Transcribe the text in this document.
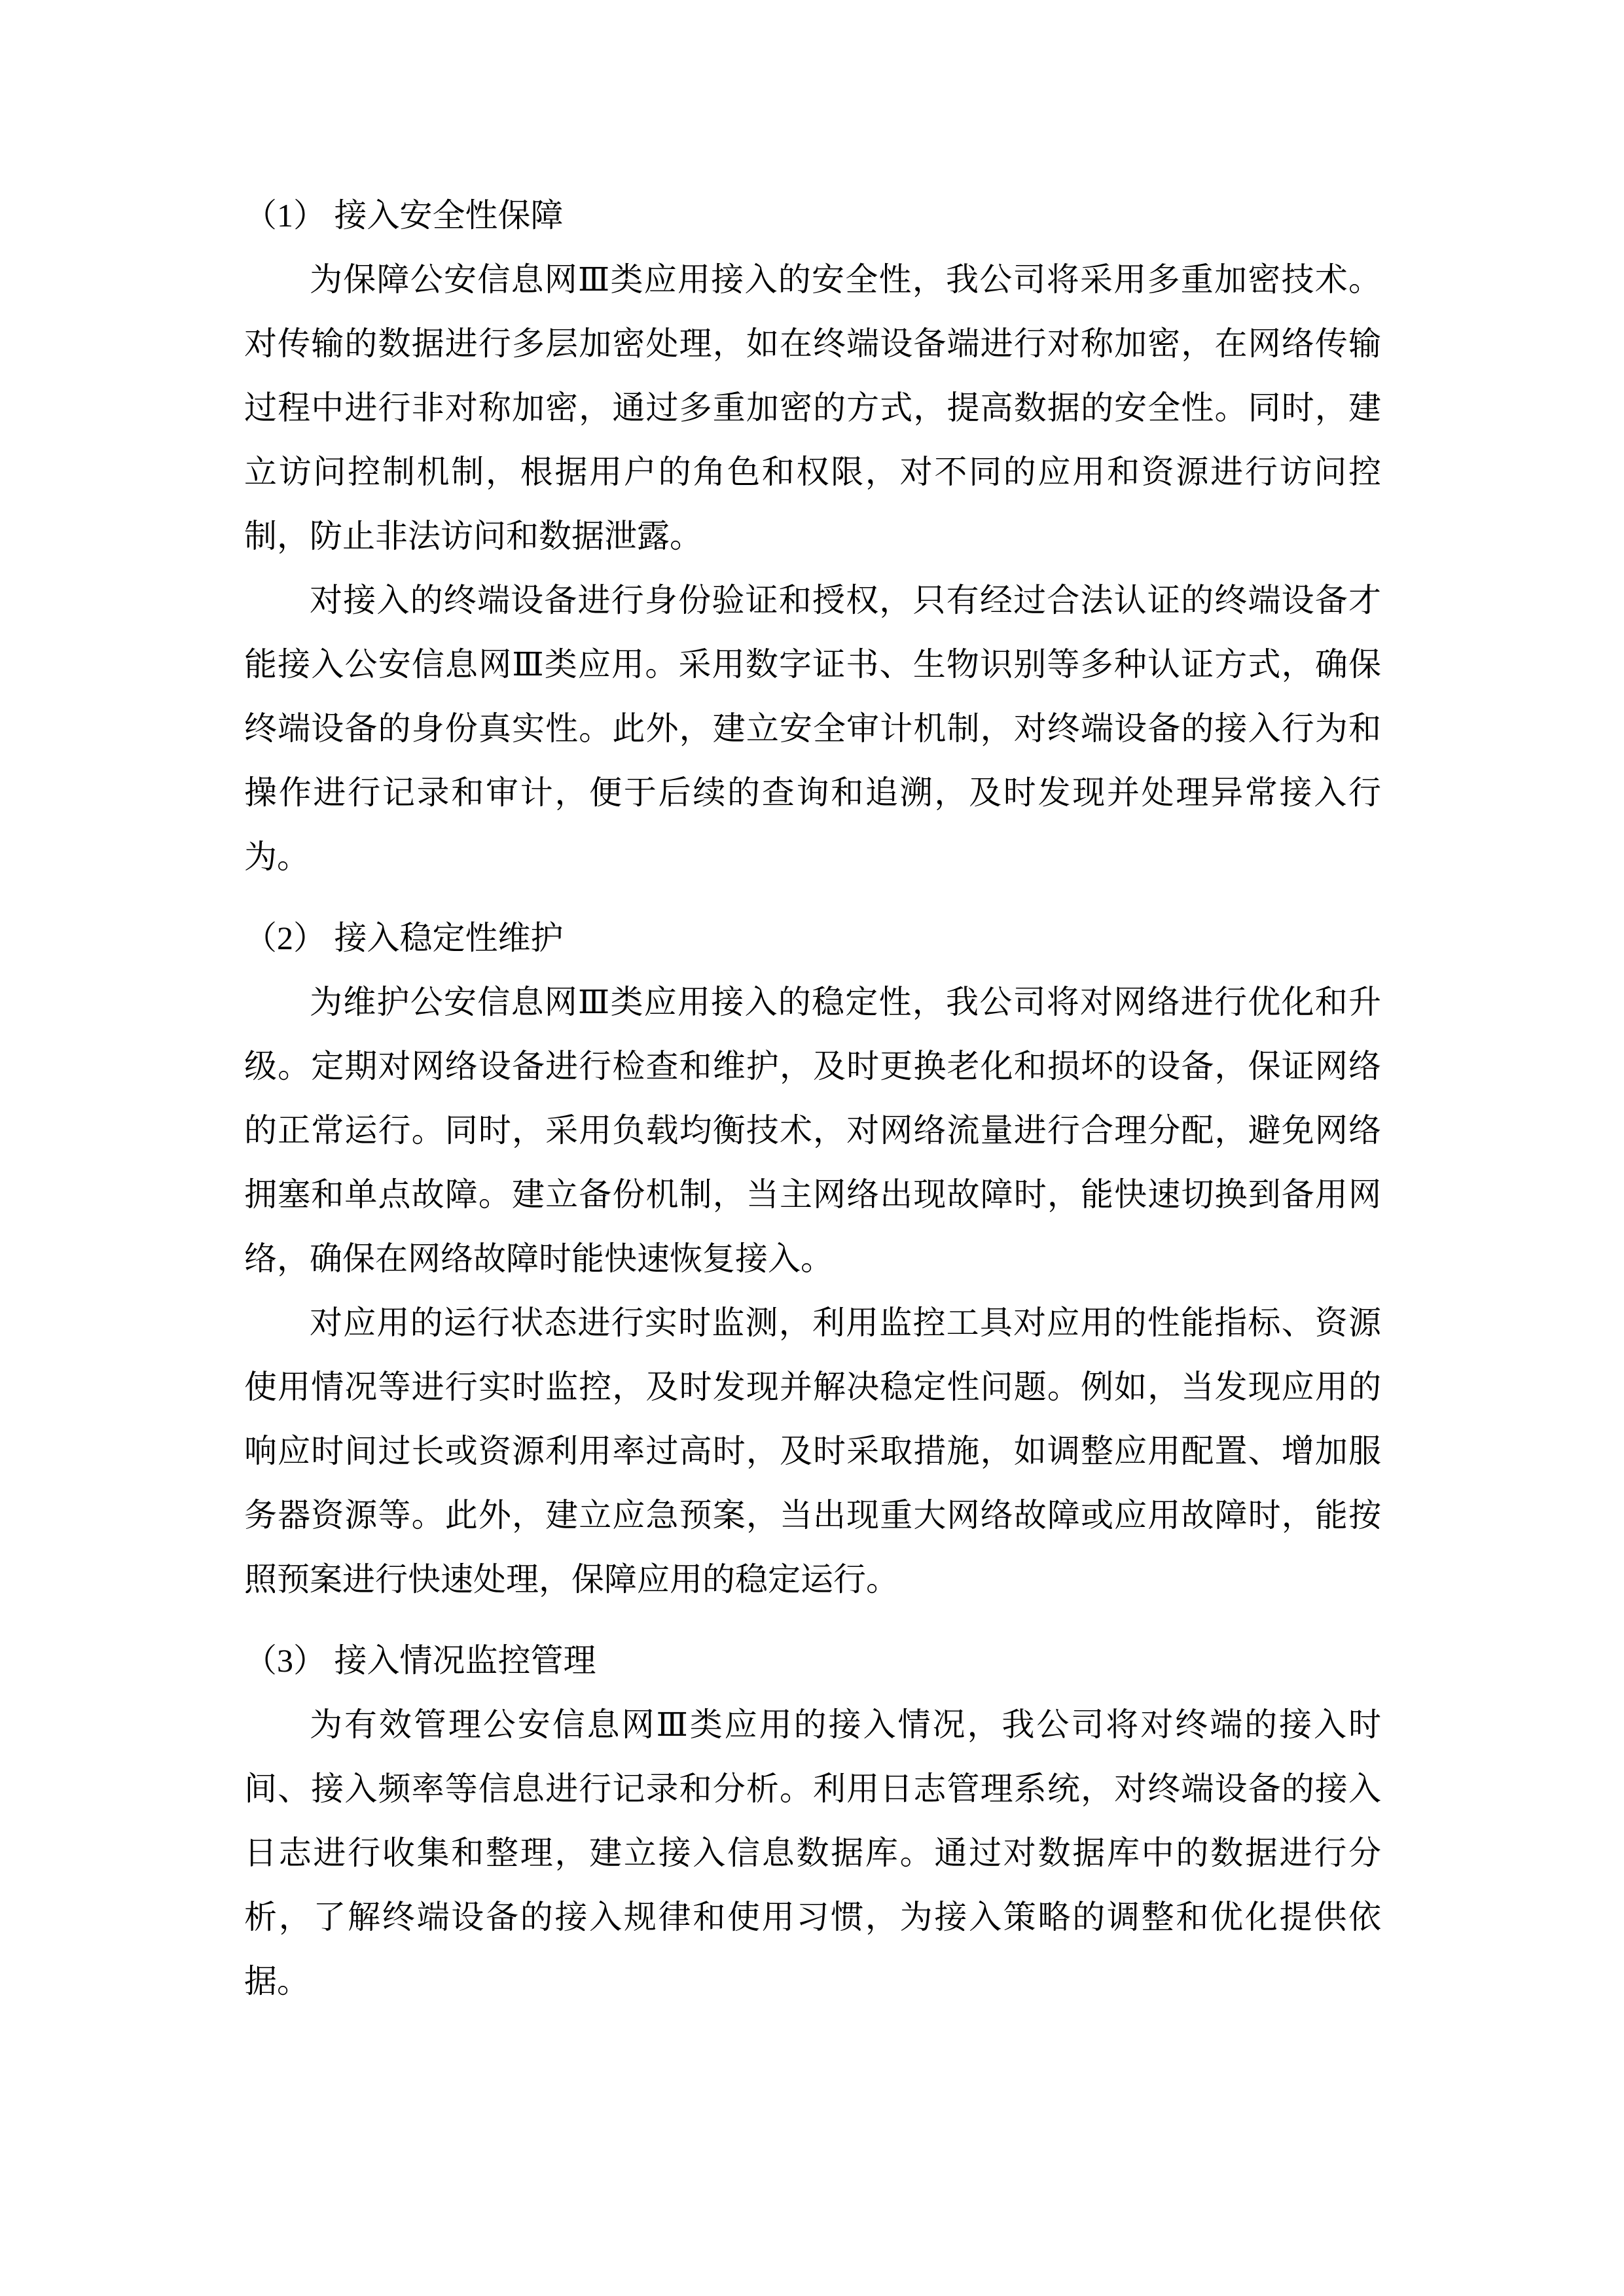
（1） 接入安全性保障
为保障公安信息网Ⅲ类应用接入的安全性，我公司将采用多重加密技术。
对传输的数据进行多层加密处理，如在终端设备端进行对称加密，在网络传输
过程中进行非对称加密，通过多重加密的方式，提高数据的安全性。同时，建
立访问控制机制，根据用户的角色和权限，对不同的应用和资源进行访问控
制，防止非法访问和数据泄露。
对接入的终端设备进行身份验证和授权，只有经过合法认证的终端设备才
能接入公安信息网Ⅲ类应用。采用数字证书、生物识别等多种认证方式，确保
终端设备的身份真实性。此外，建立安全审计机制，对终端设备的接入行为和
操作进行记录和审计，便于后续的查询和追溯，及时发现并处理异常接入行
为。
（2） 接入稳定性维护
为维护公安信息网Ⅲ类应用接入的稳定性，我公司将对网络进行优化和升
级。定期对网络设备进行检查和维护，及时更换老化和损坏的设备，保证网络
的正常运行。同时，采用负载均衡技术，对网络流量进行合理分配，避免网络
拥塞和单点故障。建立备份机制，当主网络出现故障时，能快速切换到备用网
络，确保在网络故障时能快速恢复接入。
对应用的运行状态进行实时监测，利用监控工具对应用的性能指标、资源
使用情况等进行实时监控，及时发现并解决稳定性问题。例如，当发现应用的
响应时间过长或资源利用率过高时，及时采取措施，如调整应用配置、增加服
务器资源等。此外，建立应急预案，当出现重大网络故障或应用故障时，能按
照预案进行快速处理，保障应用的稳定运行。
（3） 接入情况监控管理
为有效管理公安信息网Ⅲ类应用的接入情况，我公司将对终端的接入时
间、接入频率等信息进行记录和分析。利用日志管理系统，对终端设备的接入
日志进行收集和整理，建立接入信息数据库。通过对数据库中的数据进行分
析，了解终端设备的接入规律和使用习惯，为接入策略的调整和优化提供依
据。
